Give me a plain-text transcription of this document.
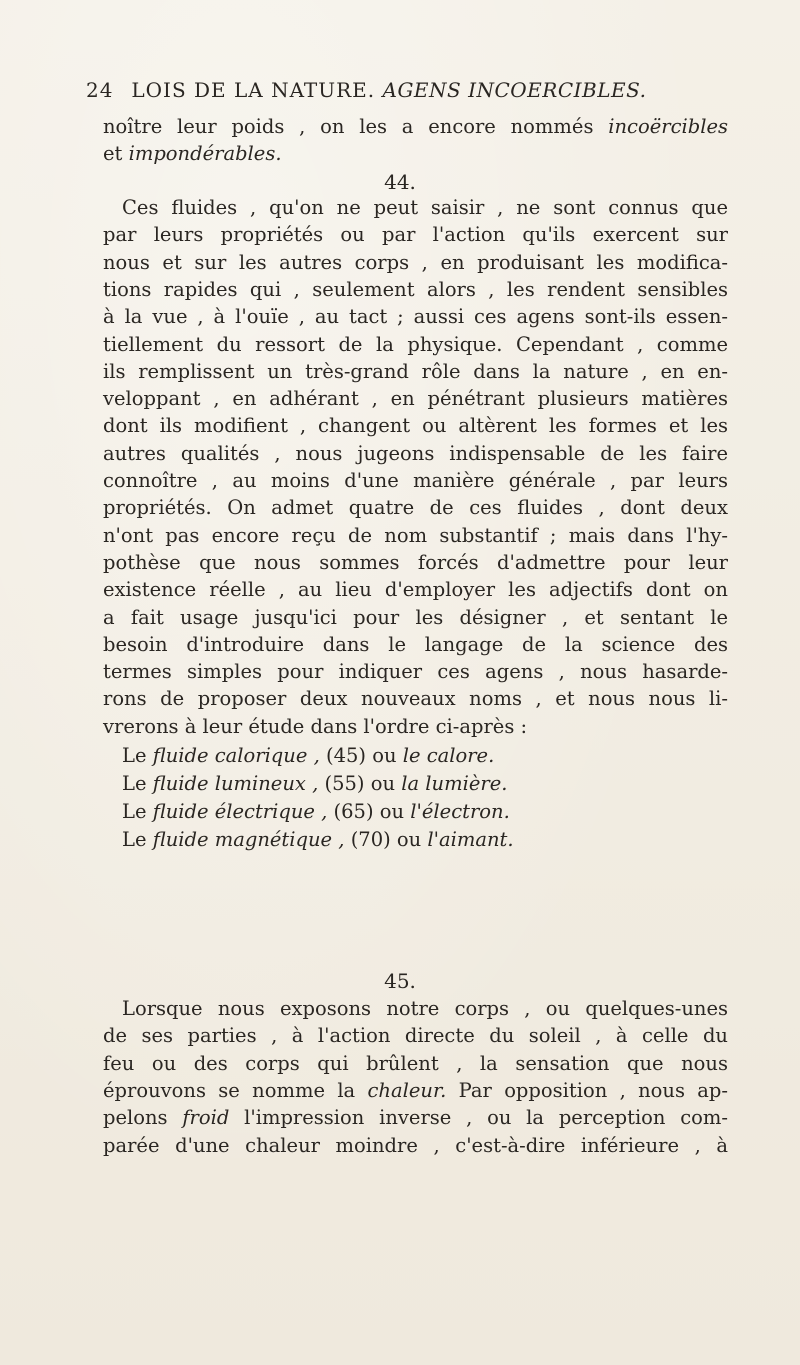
24 LOIS DE LA NATURE. AGENS INCOERCIBLES.
noître leur poids , on les a encore nommés incoërcibles
et impondérables.
44.
Ces fluides , qu'on ne peut saisir , ne sont connus que
par leurs propriétés ou par l'action qu'ils exercent sur
nous et sur les autres corps , en produisant les modifica-
tions rapides qui , seulement alors , les rendent sensibles
à la vue , à l'ouïe , au tact ; aussi ces agens sont-ils essen-
tiellement du ressort de la physique. Cependant , comme
ils remplissent un très-grand rôle dans la nature , en en-
veloppant , en adhérant , en pénétrant plusieurs matières
dont ils modifient , changent ou altèrent les formes et les
autres qualités , nous jugeons indispensable de les faire
connoître , au moins d'une manière générale , par leurs
propriétés. On admet quatre de ces fluides , dont deux
n'ont pas encore reçu de nom substantif ; mais dans l'hy-
pothèse que nous sommes forcés d'admettre pour leur
existence réelle , au lieu d'employer les adjectifs dont on
a fait usage jusqu'ici pour les désigner , et sentant le
besoin d'introduire dans le langage de la science des
termes simples pour indiquer ces agens , nous hasarde-
rons de proposer deux nouveaux noms , et nous nous li-
vrerons à leur étude dans l'ordre ci-après :
Le fluide calorique , (45) ou le calore.
Le fluide lumineux , (55) ou la lumière.
Le fluide électrique , (65) ou l'électron.
Le fluide magnétique , (70) ou l'aimant.
45.
Lorsque nous exposons notre corps , ou quelques-unes
de ses parties , à l'action directe du soleil , à celle du
feu ou des corps qui brûlent , la sensation que nous
éprouvons se nomme la chaleur. Par opposition , nous ap-
pelons froid l'impression inverse , ou la perception com-
parée d'une chaleur moindre , c'est-à-dire inférieure , à
